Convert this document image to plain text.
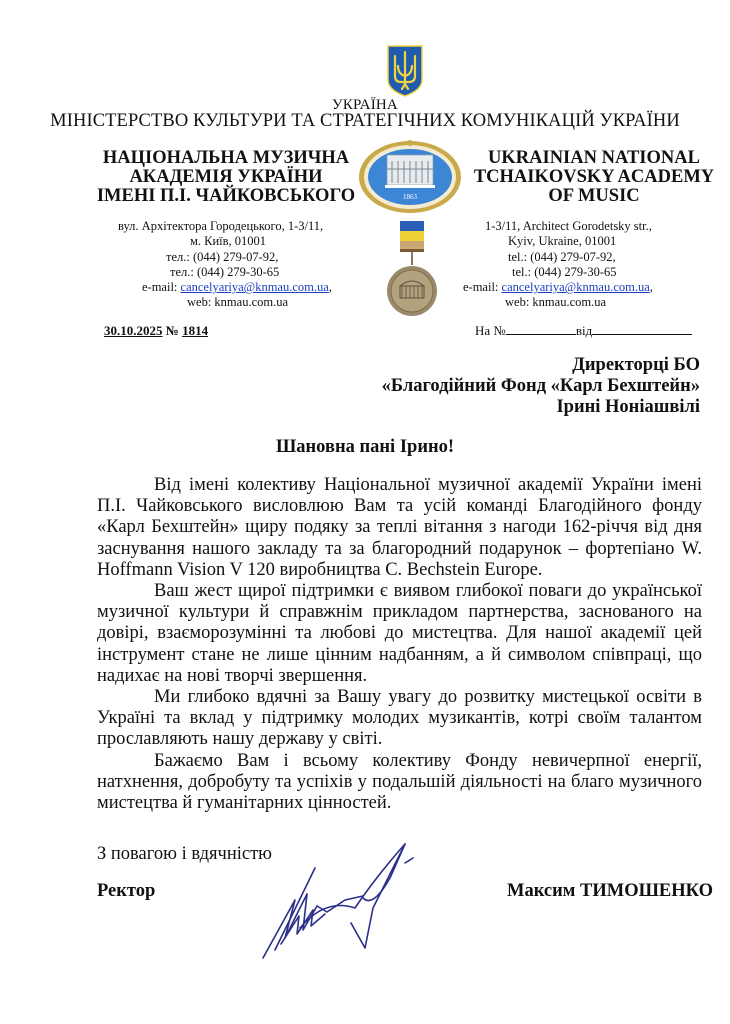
УКРАЇНА
МІНІСТЕРСТВО КУЛЬТУРИ ТА СТРАТЕГІЧНИХ КОМУНІКАЦІЙ УКРАЇНИ
НАЦІОНАЛЬНА МУЗИЧНА
АКАДЕМІЯ УКРАЇНИ
ІМЕНІ П.І. ЧАЙКОВСЬКОГО
вул. Архітектора Городецького, 1-3/11,
м. Київ, 01001
тел.: (044) 279-07-92,
тел.: (044) 279-30-65
e-mail: cancelyariya@knmau.com.ua,
web: knmau.com.ua
1863
UKRAINIAN NATIONAL
TCHAIKOVSKY ACADEMY
OF MUSIC
1-3/11, Architect Gorodetsky str.,
Kyiv, Ukraine, 01001
tel.: (044) 279-07-92,
tel.: (044) 279-30-65
e-mail: cancelyariya@knmau.com.ua,
web: knmau.com.ua
30.10.2025 № 1814	На №	від
Директорці БО
«Благодійний Фонд «Карл Бехштейн»
Ірині Ноніашвілі
Шановна пані Ірино!

Від імені колективу Національної музичної академії України імені П.І. Чайковського висловлюю Вам та усій команді Благодійного фонду «Карл Бехштейн» щиру подяку за теплі вітання з нагоди 162-річчя від дня заснування нашого закладу та за благородний подарунок – фортепіано W. Hoffmann Vision V 120 виробництва C. Bechstein Europe.

Ваш жест щирої підтримки є виявом глибокої поваги до української музичної культури й справжнім прикладом партнерства, заснованого на довірі, взаєморозумінні та любові до мистецтва. Для нашої академії цей інструмент стане не лише цінним надбанням, а й символом співпраці, що надихає на нові творчі звершення.

Ми глибоко вдячні за Вашу увагу до розвитку мистецької освіти в Україні та вклад у підтримку молодих музикантів, котрі своїм талантом прославляють нашу державу у світі.

Бажаємо Вам і всьому колективу Фонду невичерпної енергії, натхнення, добробуту та успіхів у подальшій діяльності на благо музичного мистецтва й гуманітарних цінностей.

З повагою і вдячністю
Ректор	Максим ТИМОШЕНКО
